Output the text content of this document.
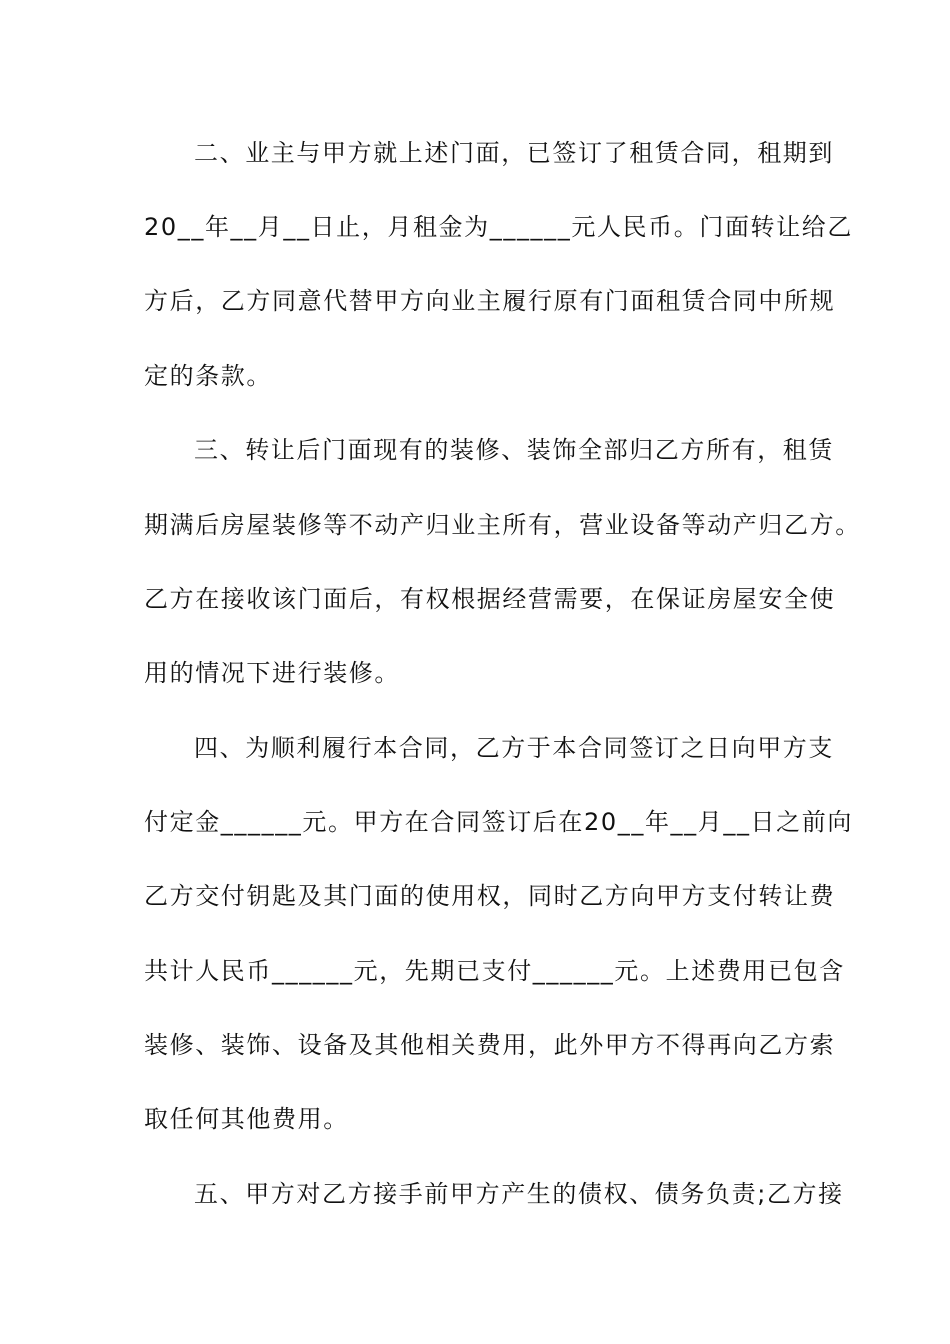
二、业主与甲方就上述门面，已签订了租赁合同，租期到
20__年__月__日止，月租金为______元人民币。门面转让给乙
方后，乙方同意代替甲方向业主履行原有门面租赁合同中所规
定的条款。
三、转让后门面现有的装修、装饰全部归乙方所有，租赁
期满后房屋装修等不动产归业主所有，营业设备等动产归乙方。
乙方在接收该门面后，有权根据经营需要，在保证房屋安全使
用的情况下进行装修。
四、为顺利履行本合同，乙方于本合同签订之日向甲方支
付定金______元。甲方在合同签订后在20__年__月__日之前向
乙方交付钥匙及其门面的使用权，同时乙方向甲方支付转让费
共计人民币______元，先期已支付______元。上述费用已包含
装修、装饰、设备及其他相关费用，此外甲方不得再向乙方索
取任何其他费用。
五、甲方对乙方接手前甲方产生的债权、债务负责;乙方接
